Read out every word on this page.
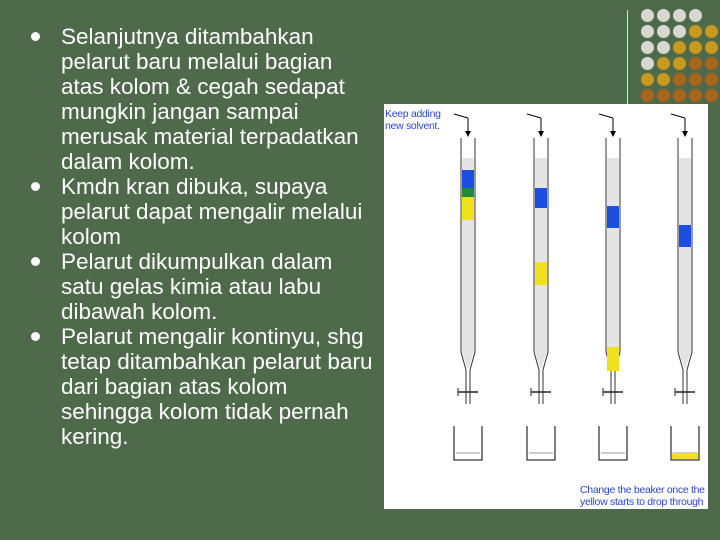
Selanjutnya ditambahkan pelarut baru melalui bagian atas kolom & cegah sedapat mungkin jangan sampai merusak material terpadatkan dalam kolom.
Kmdn kran dibuka, supaya pelarut dapat mengalir melalui kolom
Pelarut dikumpulkan dalam satu gelas kimia atau labu dibawah kolom.
Pelarut mengalir kontinyu, shg tetap ditambahkan pelarut baru dari bagian atas kolom sehingga kolom tidak pernah kering.
Keep adding
new solvent.
Change the beaker once the
yellow starts to drop through
